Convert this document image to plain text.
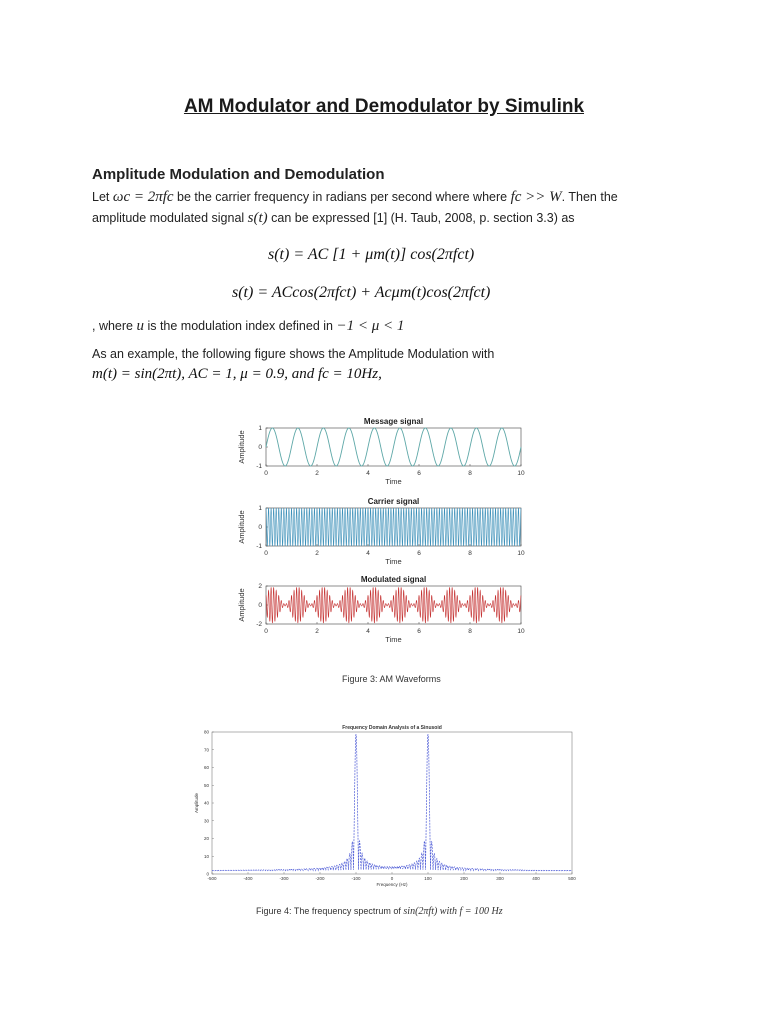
AM Modulator and Demodulator by Simulink
Amplitude Modulation and Demodulation
Let ωc = 2πfc be the carrier frequency in radians per second where where fc >> W. Then the
amplitude modulated signal s(t) can be expressed [1] (H. Taub, 2008, p. section 3.3) as
s(t) = AC [1 + μm(t)] cos(2πfct)
s(t) = ACcos(2πfct) + Acμm(t)cos(2πfct)
, where u is the modulation index defined in −1 < μ < 1
As an example, the following figure shows the Amplitude Modulation with
m(t) = sin(2πt), AC = 1, μ = 0.9, and fc = 10Hz,
Message signal
1
0
-1
Amplitude
0	2	4	6	8	10
Time
Carrier signal
1
0
-1
Amplitude
0	2	4	6	8	10
Time
Modulated signal
2
0
-2
Amplitude
0	2	4	6	8	10
Time
Figure 3: AM Waveforms
Frequency Domain Analysis of a Sinusoid
80
70
60
50
40
30
20
10
0
-500	-400	-300	-200	-100	0	100	200	300	400	500
Frequency (Hz)
Amplitude
Figure 4: The frequency spectrum of sin(2πft) with f = 100 Hz
